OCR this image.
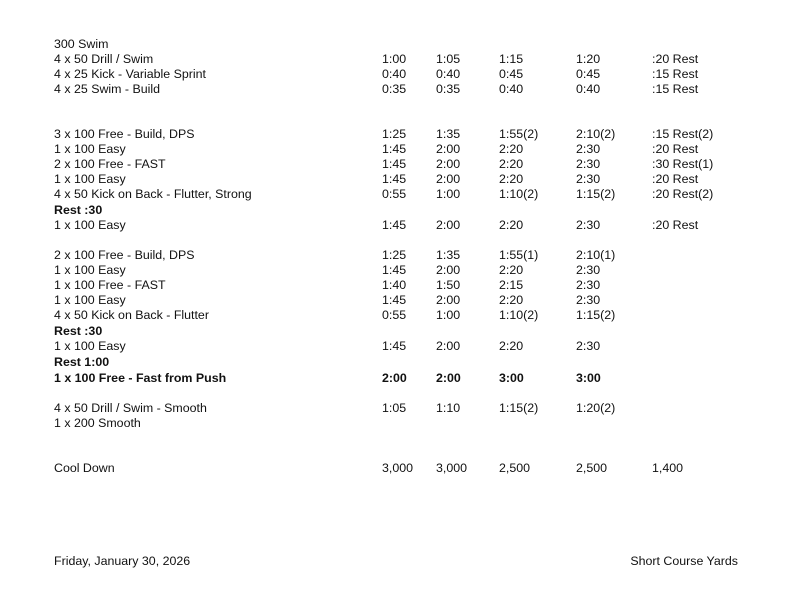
300 Swim
4 x 50 Drill / Swim	1:00 1:05	1:15	1:20	:20 Rest
4 x 25 Kick - Variable Sprint	0:40 0:40	0:45	0:45	:15 Rest
4 x 25 Swim - Build	0:35 0:35	0:40	0:40	:15 Rest
3 x 100 Free - Build, DPS	1:25 1:35	1:55(2)	2:10(2)	:15 Rest(2)
1 x 100 Easy	1:45 2:00	2:20	2:30	:20 Rest
2 x 100 Free - FAST	1:45 2:00	2:20	2:30	:30 Rest(1)
1 x 100 Easy	1:45 2:00	2:20	2:30	:20 Rest
4 x 50 Kick on Back - Flutter, Strong	0:55 1:00	1:10(2)	1:15(2)	:20 Rest(2)
Rest :30
1 x 100 Easy	1:45 2:00	2:20	2:30	:20 Rest
2 x 100 Free - Build, DPS	1:25 1:35	1:55(1)	2:10(1)
1 x 100 Easy	1:45 2:00	2:20	2:30
1 x 100 Free - FAST	1:40 1:50	2:15	2:30
1 x 100 Easy	1:45 2:00	2:20	2:30
4 x 50 Kick on Back - Flutter	0:55 1:00	1:10(2)	1:15(2)
Rest :30
1 x 100 Easy	1:45 2:00	2:20	2:30
Rest 1:00
1 x 100 Free - Fast from Push	2:00 2:00	3:00	3:00
4 x 50 Drill / Swim - Smooth	1:05 1:10	1:15(2)	1:20(2)
1 x 200 Smooth
Cool Down	3,000 3,000	2,500	2,500	1,400
Friday, January 30, 2026	Short Course Yards
